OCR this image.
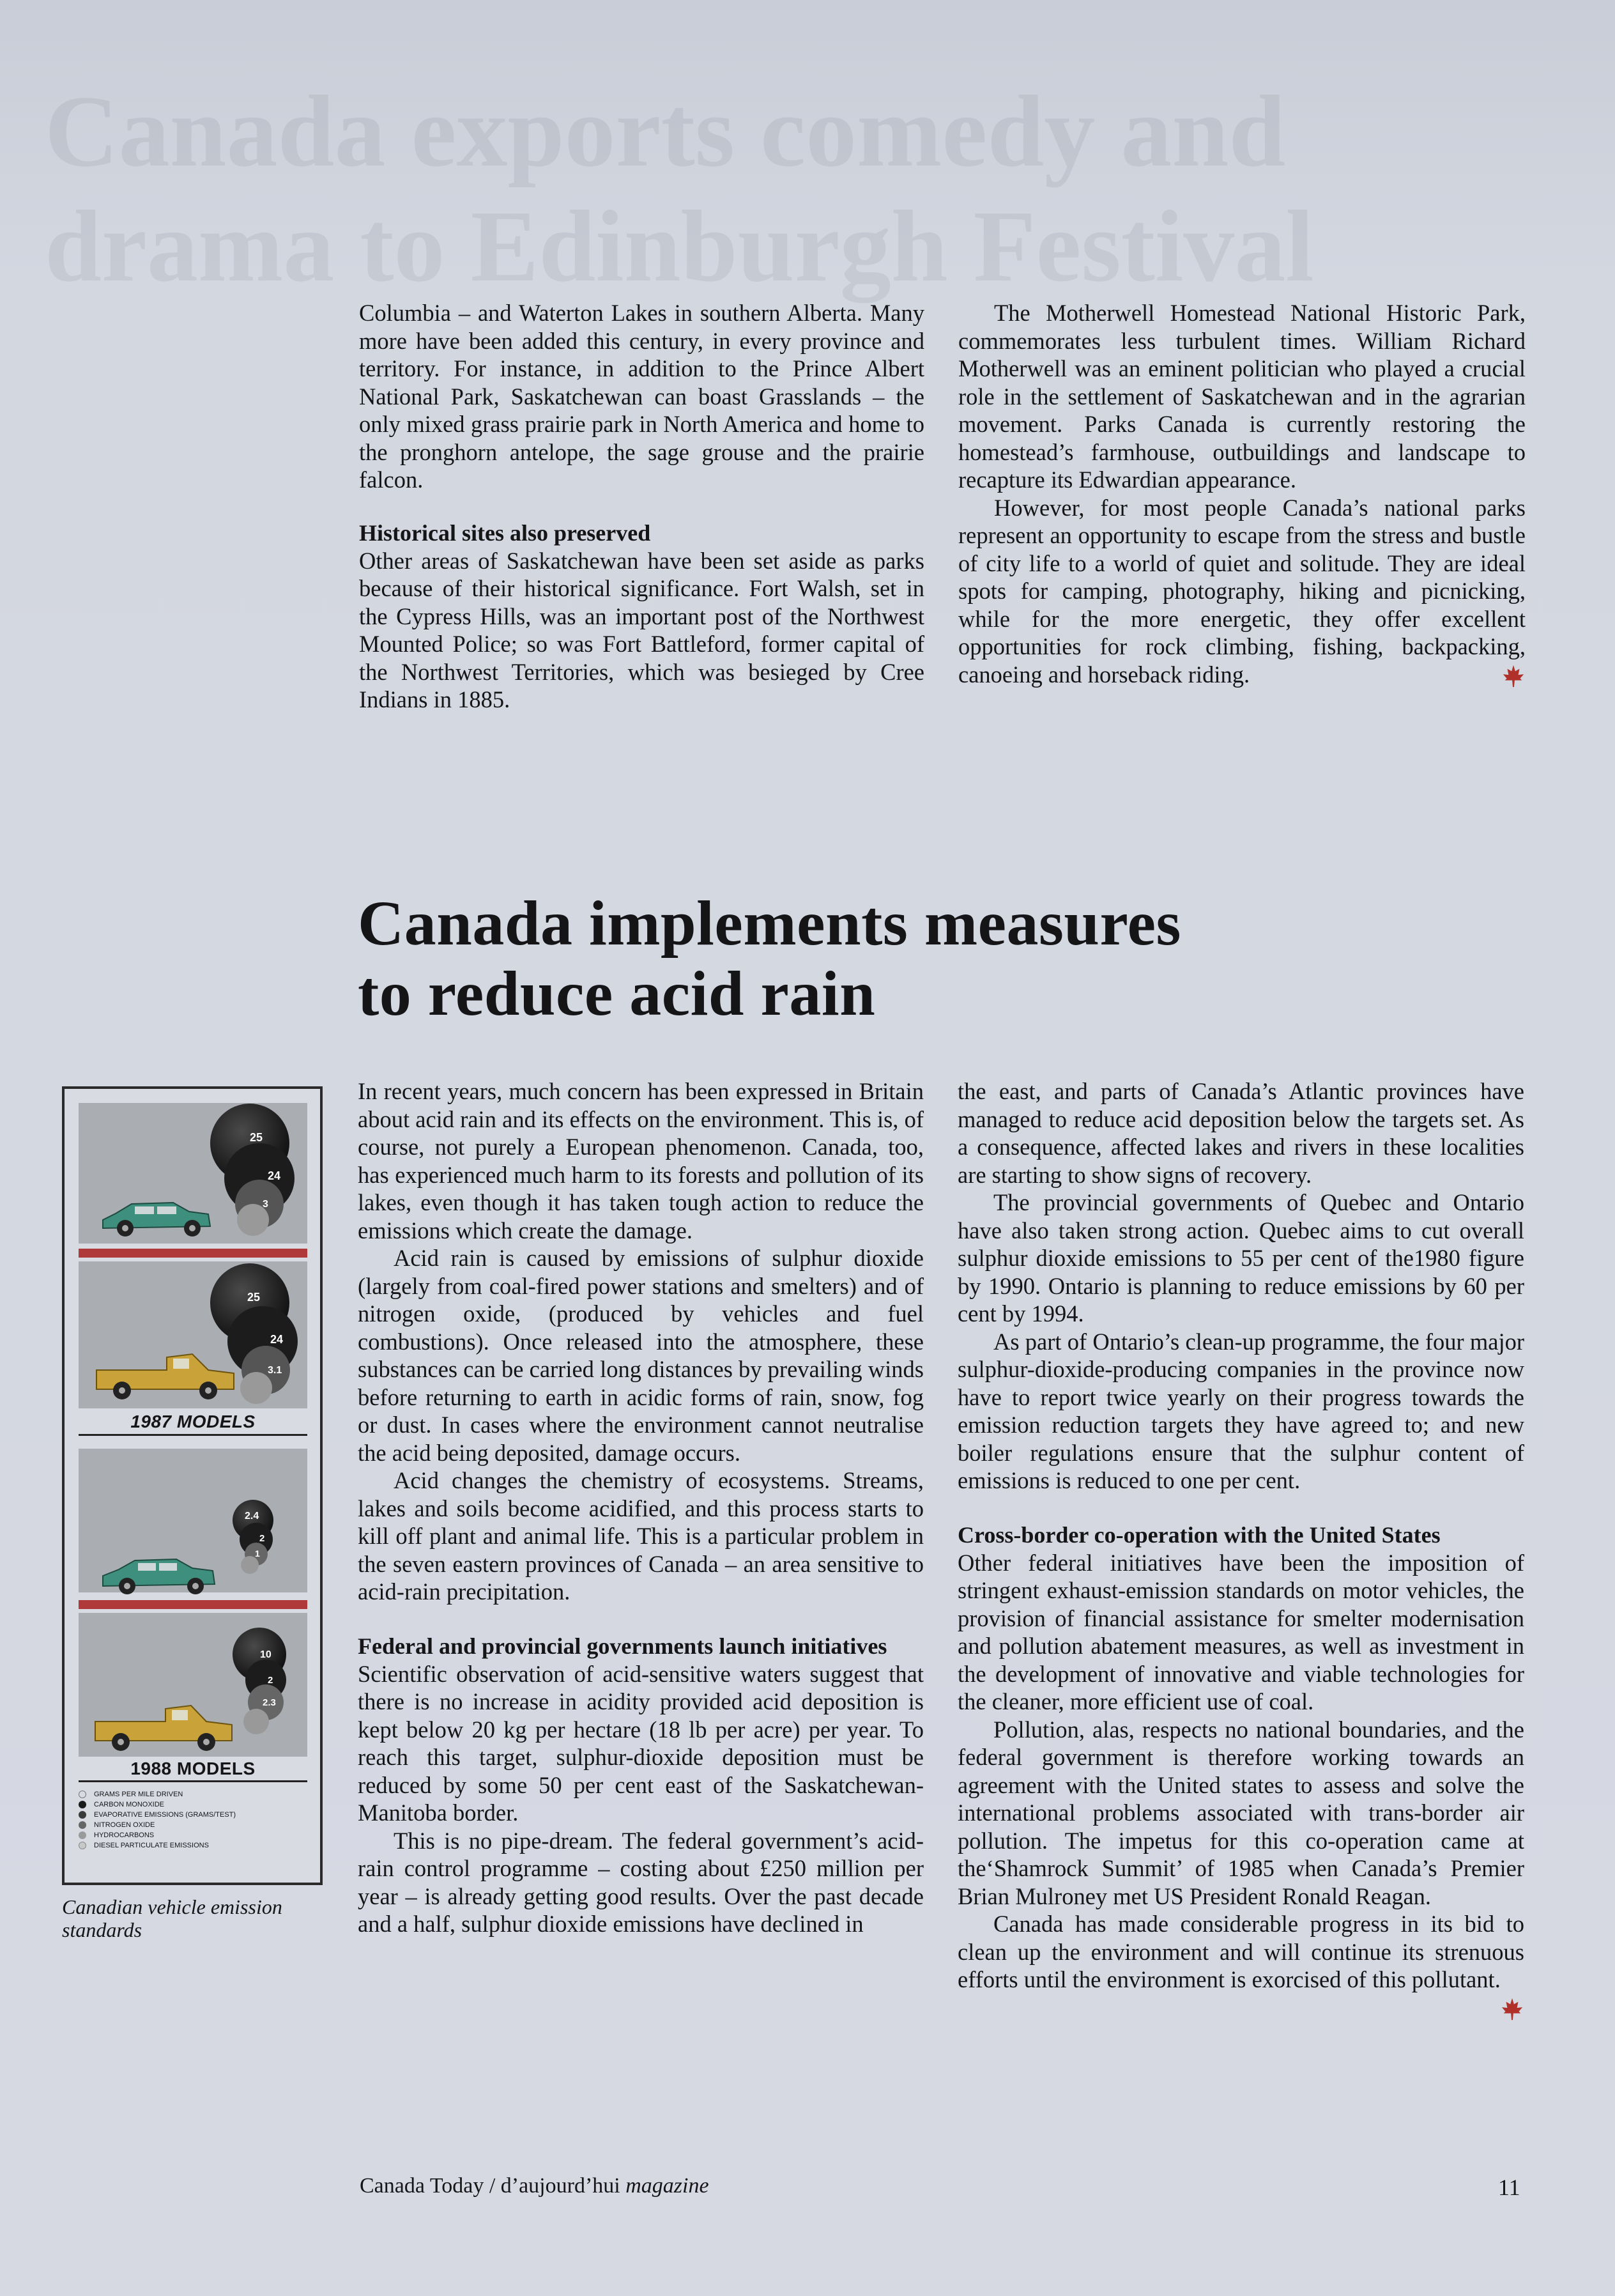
Canada exports comedy and
drama to Edinburgh Festival

Columbia – and Waterton Lakes in southern Alberta. Many more have been added this century, in every province and territory. For instance, in addition to the Prince Albert National Park, Saskatchewan can boast Grasslands – the only mixed grass prairie park in North America and home to the pronghorn antelope, the sage grouse and the prairie falcon.

Historical sites also preserved

Other areas of Saskatchewan have been set aside as parks because of their historical significance. Fort Walsh, set in the Cypress Hills, was an important post of the Northwest Mounted Police; so was Fort Battleford, former capital of the Northwest Territories, which was besieged by Cree Indians in 1885.

The Motherwell Homestead National Historic Park, commemorates less turbulent times. William Richard Motherwell was an eminent politician who played a crucial role in the settlement of Saskatchewan and in the agrarian movement. Parks Canada is currently restoring the homestead’s farmhouse, outbuildings and landscape to recapture its Edwardian appearance.

However, for most people Canada’s national parks represent an opportunity to escape from the stress and bustle of city life to a world of quiet and solitude. They are ideal spots for camping, photography, hiking and picnicking, while for the more energetic, they offer excellent opportunities for rock climbing, fishing, backpacking, canoeing and horseback riding.

Canada implements measures
to reduce acid rain
25
24
3
25
24
3.1
2.4
2
1
10
2
2.3
1987 MODELS
1988 MODELS
GRAMS PER MILE DRIVEN
CARBON MONOXIDE
EVAPORATIVE EMISSIONS (GRAMS/TEST)
NITROGEN OXIDE
HYDROCARBONS
DIESEL PARTICULATE EMISSIONS
Canadian vehicle emission standards

In recent years, much concern has been expressed in Britain about acid rain and its effects on the environment. This is, of course, not purely a European phenomenon. Canada, too, has experienced much harm to its forests and pollution of its lakes, even though it has taken tough action to reduce the emissions which create the damage.

Acid rain is caused by emissions of sulphur dioxide (largely from coal-fired power stations and smelters) and of nitrogen oxide, (produced by vehicles and fuel combustions). Once released into the atmosphere, these substances can be carried long distances by prevailing winds before returning to earth in acidic forms of rain, snow, fog or dust. In cases where the environment cannot neutralise the acid being deposited, damage occurs.

Acid changes the chemistry of ecosystems. Streams, lakes and soils become acidified, and this process starts to kill off plant and animal life. This is a particular problem in the seven eastern provinces of Canada – an area sensitive to acid-rain precipitation.

Federal and provincial governments launch initiatives

Scientific observation of acid-sensitive waters suggest that there is no increase in acidity provided acid deposition is kept below 20 kg per hectare (18 lb per acre) per year. To reach this target, sulphur-dioxide deposition must be reduced by some 50 per cent east of the Saskatchewan-Manitoba border.

This is no pipe-dream. The federal government’s acid-rain control programme – costing about £250 million per year – is already getting good results. Over the past decade and a half, sulphur dioxide emissions have declined in

the east, and parts of Canada’s Atlantic provinces have managed to reduce acid deposition below the targets set. As a consequence, affected lakes and rivers in these localities are starting to show signs of recovery.

The provincial governments of Quebec and Ontario have also taken strong action. Quebec aims to cut overall sulphur dioxide emissions to 55 per cent of the1980 figure by 1990. Ontario is planning to reduce emissions by 60 per cent by 1994.

As part of Ontario’s clean-up programme, the four major sulphur-dioxide-producing companies in the province now have to report twice yearly on their progress towards the emission reduction targets they have agreed to; and new boiler regulations ensure that the sulphur content of emissions is reduced to one per cent.

Cross-border co-operation with the United States

Other federal initiatives have been the imposition of stringent exhaust-emission standards on motor vehicles, the provision of financial assistance for smelter modernisation and pollution abatement measures, as well as investment in the development of innovative and viable technologies for the cleaner, more efficient use of coal.

Pollution, alas, respects no national boundaries, and the federal government is therefore working towards an agreement with the United states to assess and solve the international problems associated with trans-border air pollution. The impetus for this co-operation came at the‘Shamrock Summit’ of 1985 when Canada’s Premier Brian Mulroney met US President Ronald Reagan.

Canada has made considerable progress in its bid to clean up the environment and will continue its strenuous efforts until the environment is exorcised of this pollutant.

Canada Today / d’aujourd’hui magazine	11
